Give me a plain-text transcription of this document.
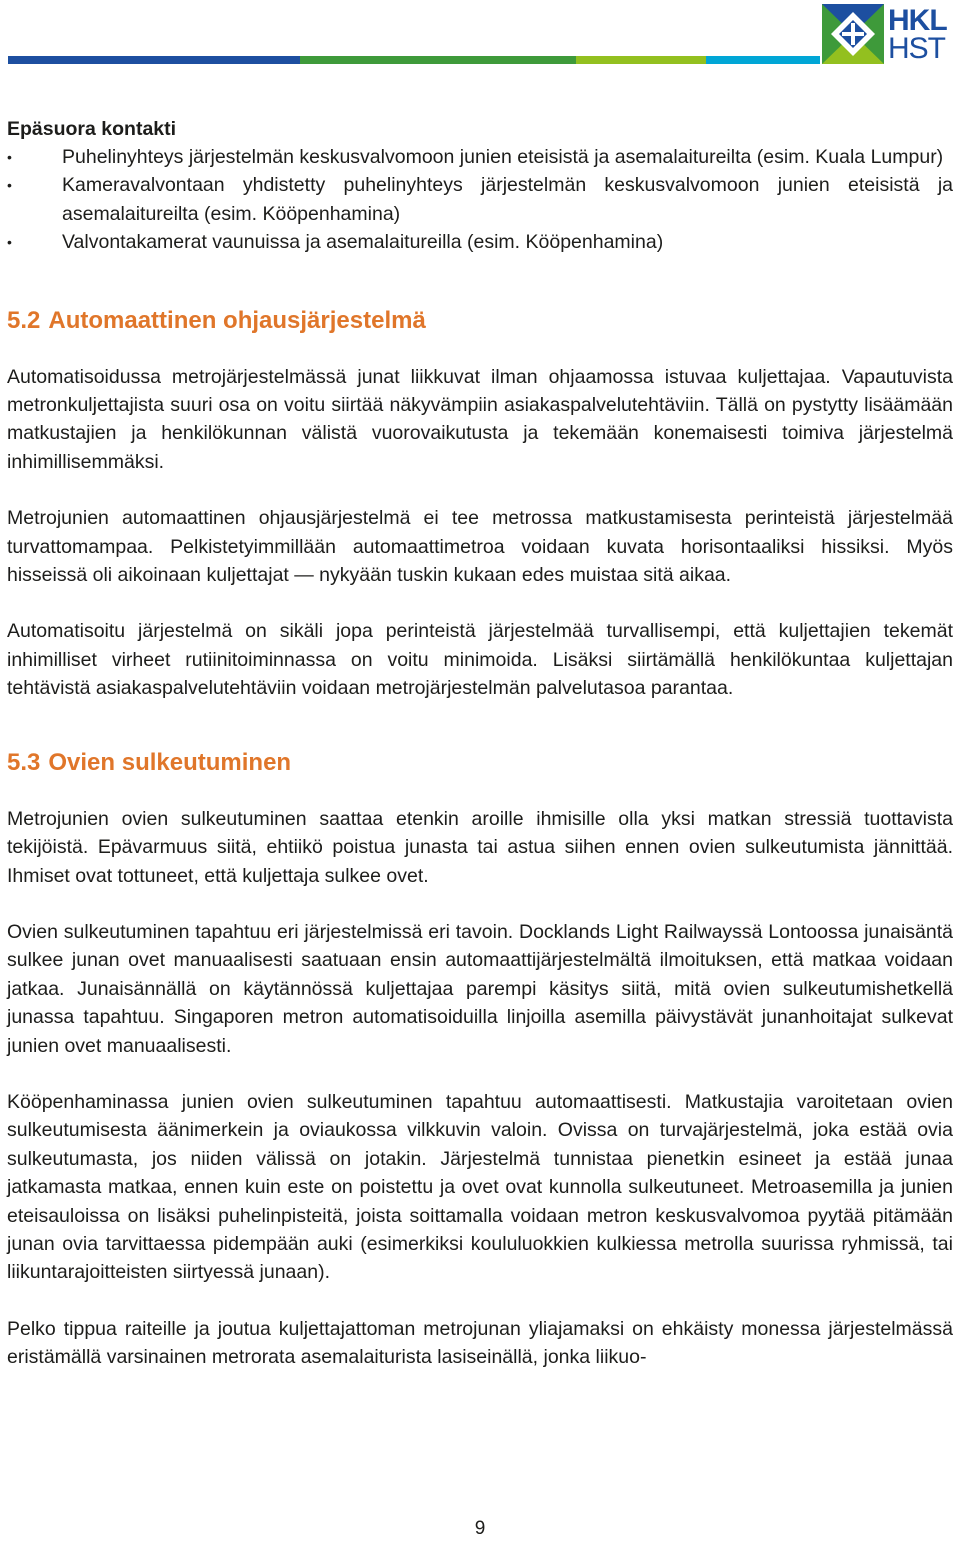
HKL
HST
Epäsuora kontakti
• Puhelinyhteys järjestelmän keskusvalvomoon junien eteisistä ja asemalaitureilta (esim. Kuala Lumpur)
• Kameravalvontaan yhdistetty puhelinyhteys järjestelmän keskusvalvomoon junien eteisistä ja asemalaitureilta (esim. Kööpenhamina)
• Valvontakamerat vaunuissa ja asemalaitureilla (esim. Kööpenhamina)
5.2 Automaattinen ohjausjärjestelmä

Automatisoidussa metrojärjestelmässä junat liikkuvat ilman ohjaamossa istuvaa kuljettajaa. Vapautuvista metronkuljettajista suuri osa on voitu siirtää näkyvämpiin asiakaspalvelutehtäviin. Tällä on pystytty lisäämään matkustajien ja henkilökunnan välistä vuorovaikutusta ja tekemään konemaisesti toimiva järjestelmä inhimillisemmäksi.

Metrojunien automaattinen ohjausjärjestelmä ei tee metrossa matkustamisesta perinteistä järjestelmää turvattomampaa. Pelkistetyimmillään automaattimetroa voidaan kuvata horisontaaliksi hissiksi. Myös hisseissä oli aikoinaan kuljettajat — nykyään tuskin kukaan edes muistaa sitä aikaa.

Automatisoitu järjestelmä on sikäli jopa perinteistä järjestelmää turvallisempi, että kuljettajien tekemät inhimilliset virheet rutiinitoiminnassa on voitu minimoida. Lisäksi siirtämällä henkilökuntaa kuljettajan tehtävistä asiakaspalvelutehtäviin voidaan metrojärjestelmän palvelutasoa parantaa.

5.3 Ovien sulkeutuminen

Metrojunien ovien sulkeutuminen saattaa etenkin aroille ihmisille olla yksi matkan stressiä tuottavista tekijöistä. Epävarmuus siitä, ehtiikö poistua junasta tai astua siihen ennen ovien sulkeutumista jännittää. Ihmiset ovat tottuneet, että kuljettaja sulkee ovet.

Ovien sulkeutuminen tapahtuu eri järjestelmissä eri tavoin. Docklands Light Railwayssä Lontoossa junaisäntä sulkee junan ovet manuaalisesti saatuaan ensin automaattijärjestelmältä ilmoituksen, että matkaa voidaan jatkaa. Junaisännällä on käytännössä kuljettajaa parempi käsitys siitä, mitä ovien sulkeutumishetkellä junassa tapahtuu. Singaporen metron automatisoiduilla linjoilla asemilla päivystävät junanhoitajat sulkevat junien ovet manuaalisesti.

Kööpenhaminassa junien ovien sulkeutuminen tapahtuu automaattisesti. Matkustajia varoitetaan ovien sulkeutumisesta äänimerkein ja oviaukossa vilkkuvin valoin. Ovissa on turvajärjestelmä, joka estää ovia sulkeutumasta, jos niiden välissä on jotakin. Järjestelmä tunnistaa pienetkin esineet ja estää junaa jatkamasta matkaa, ennen kuin este on poistettu ja ovet ovat kunnolla sulkeutuneet. Metroasemilla ja junien eteisauloissa on lisäksi puhelinpisteitä, joista soittamalla voidaan metron keskusvalvomoa pyytää pitämään junan ovia tarvittaessa pidempään auki (esimerkiksi koululuokkien kulkiessa metrolla suurissa ryhmissä, tai liikuntarajoitteisten siirtyessä junaan).

Pelko tippua raiteille ja joutua kuljettajattoman metrojunan yliajamaksi on ehkäisty monessa järjestelmässä eristämällä varsinainen metrorata asemalaiturista lasiseinällä, jonka liikuo-

9
